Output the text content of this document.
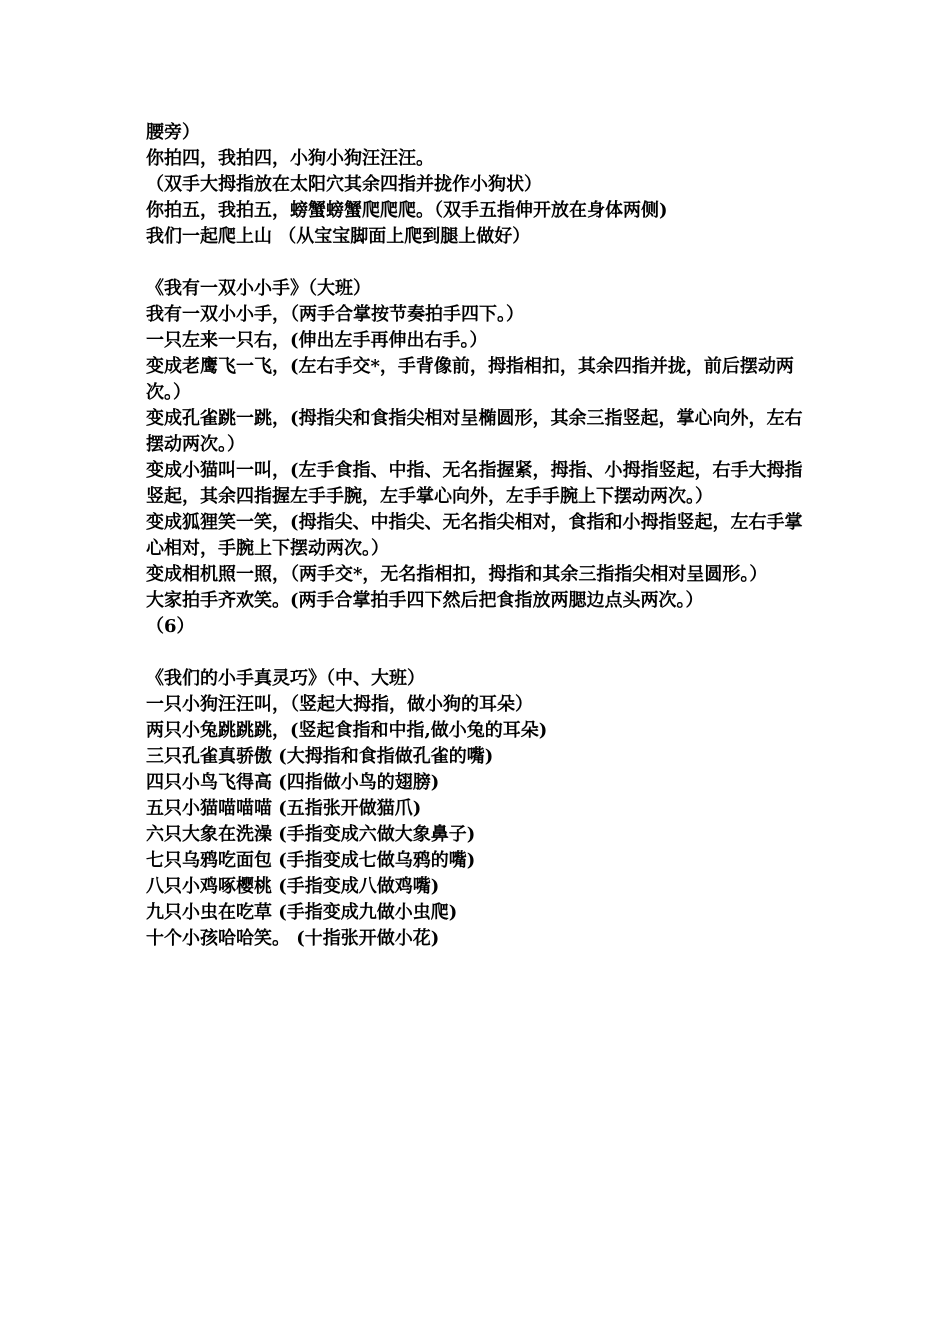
腰旁）
你拍四，我拍四，小狗小狗汪汪汪。
（双手大拇指放在太阳穴其余四指并拢作小狗状）
你拍五，我拍五，螃蟹螃蟹爬爬爬。（双手五指伸开放在身体两侧)
我们一起爬上山 （从宝宝脚面上爬到腿上做好）
《我有一双小小手》（大班）
我有一双小小手，（两手合掌按节奏拍手四下。）
一只左来一只右，(伸出左手再伸出右手。）
变成老鹰飞一飞，(左右手交*，手背像前，拇指相扣，其余四指并拢，前后摆动两次。）
变成孔雀跳一跳，(拇指尖和食指尖相对呈椭圆形，其余三指竖起，掌心向外，左右摆动两次。）
变成小猫叫一叫，(左手食指、中指、无名指握紧，拇指、小拇指竖起，右手大拇指竖起，其余四指握左手手腕，左手掌心向外，左手手腕上下摆动两次。）
变成狐狸笑一笑，(拇指尖、中指尖、无名指尖相对，食指和小拇指竖起，左右手掌心相对，手腕上下摆动两次。）
变成相机照一照，（两手交*，无名指相扣，拇指和其余三指指尖相对呈圆形。）
大家拍手齐欢笑。(两手合掌拍手四下然后把食指放两腮边点头两次。）
（6）
《我们的小手真灵巧》（中、大班）
一只小狗汪汪叫，（竖起大拇指，做小狗的耳朵）
两只小兔跳跳跳，(竖起食指和中指,做小兔的耳朵)
三只孔雀真骄傲 (大拇指和食指做孔雀的嘴)
四只小鸟飞得高 (四指做小鸟的翅膀)
五只小猫喵喵喵 (五指张开做猫爪)
六只大象在洗澡 (手指变成六做大象鼻子)
七只乌鸦吃面包 (手指变成七做乌鸦的嘴)
八只小鸡啄樱桃 (手指变成八做鸡嘴)
九只小虫在吃草 (手指变成九做小虫爬)
十个小孩哈哈笑。 (十指张开做小花)
